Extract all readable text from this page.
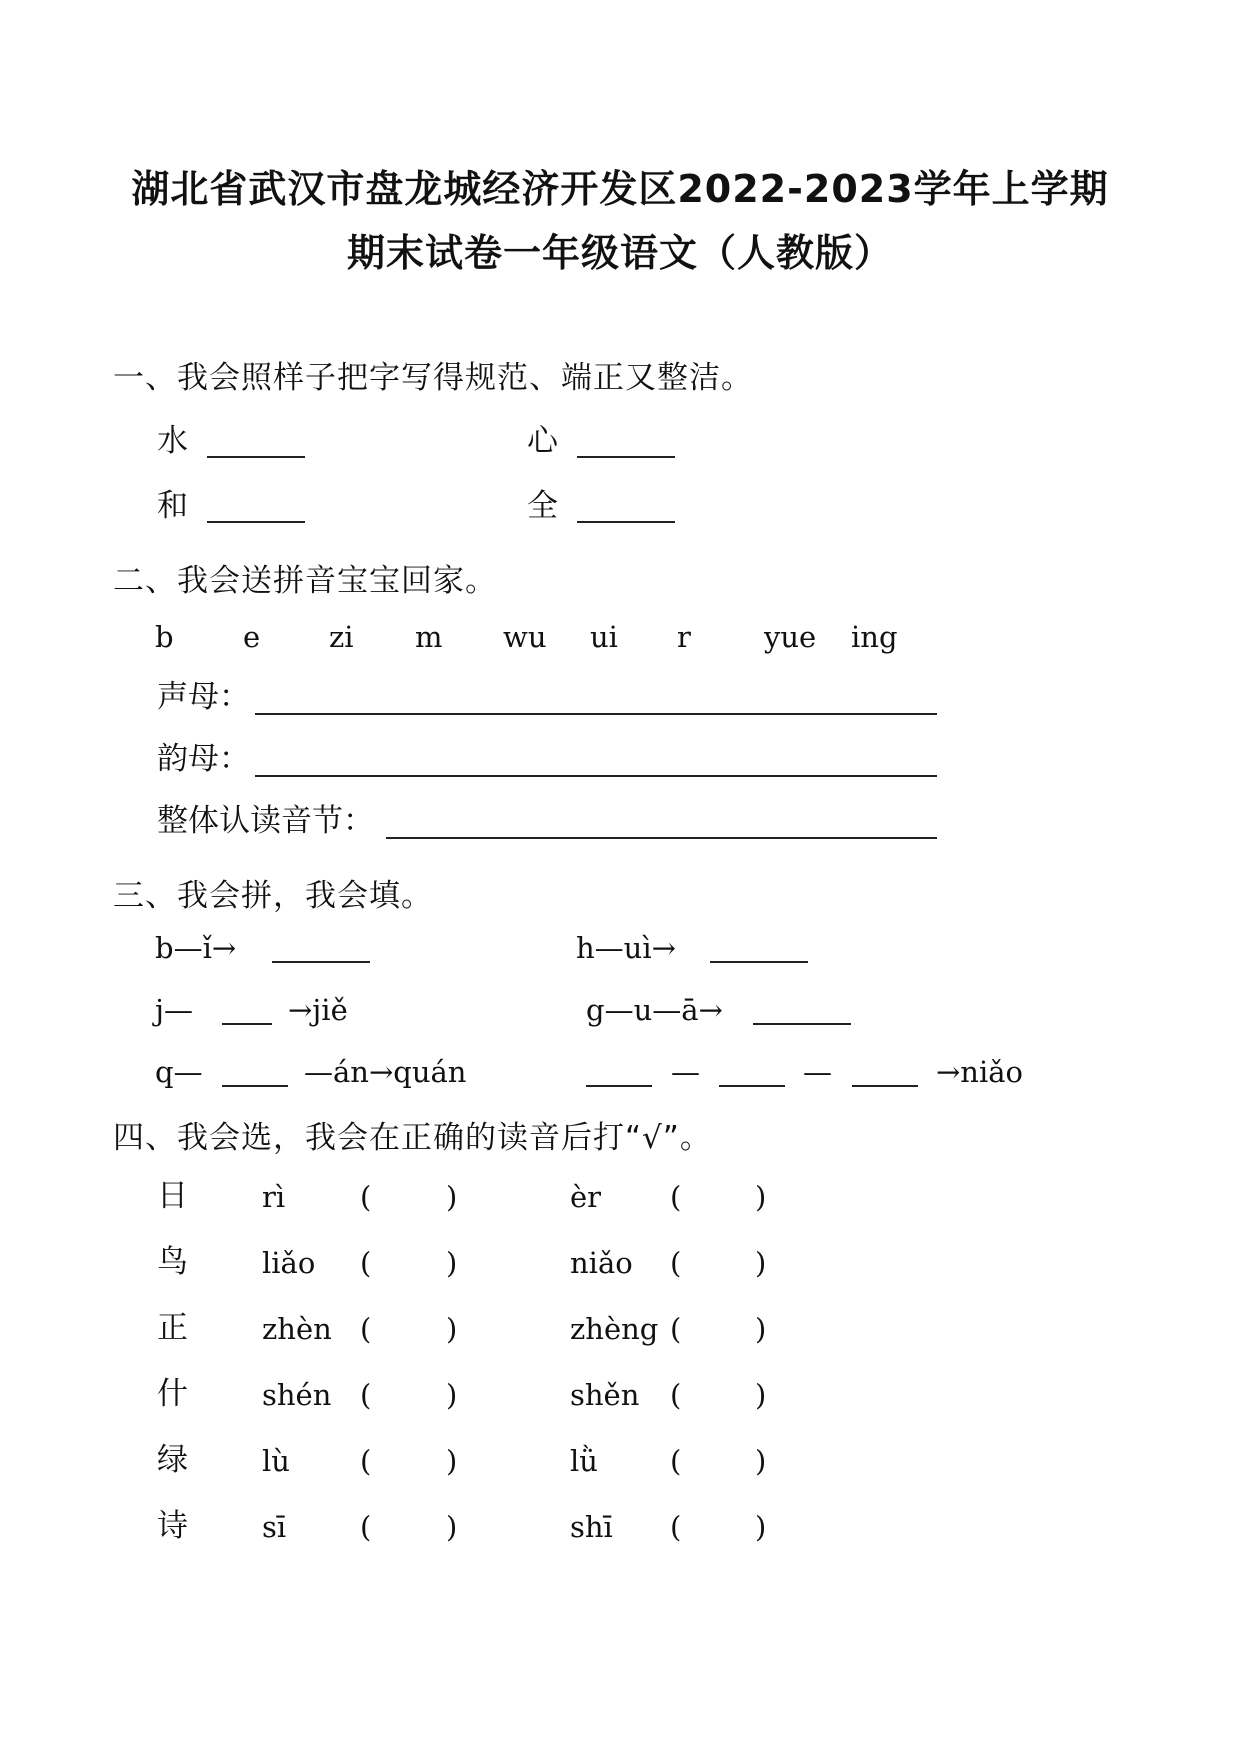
湖北省武汉市盘龙城经济开发区2022-2023学年上学期
期末试卷一年级语文（人教版）
一、我会照样子把字写得规范、端正又整洁。
水	心
和	全
二、我会送拼音宝宝回家。
b e zi m wu ui r	yue ing
声母：
韵母：
整体认读音节：
三、我会拼，我会填。
b—ǐ→	h—uì→
j—	→jiě	g—u—ā→
q—	—án→quán	—	—	→niǎo
四、我会选，我会在正确的读音后打“√”。
日	rì	(	)	èr (	)
鸟	liǎo (	)	niǎo (	)
正	zhèn (	)	zhèng (	)
什	shén (	)	shěn (	)
绿	lù (	)	lǜ (	)
诗	sī	(	)	shī (	)
